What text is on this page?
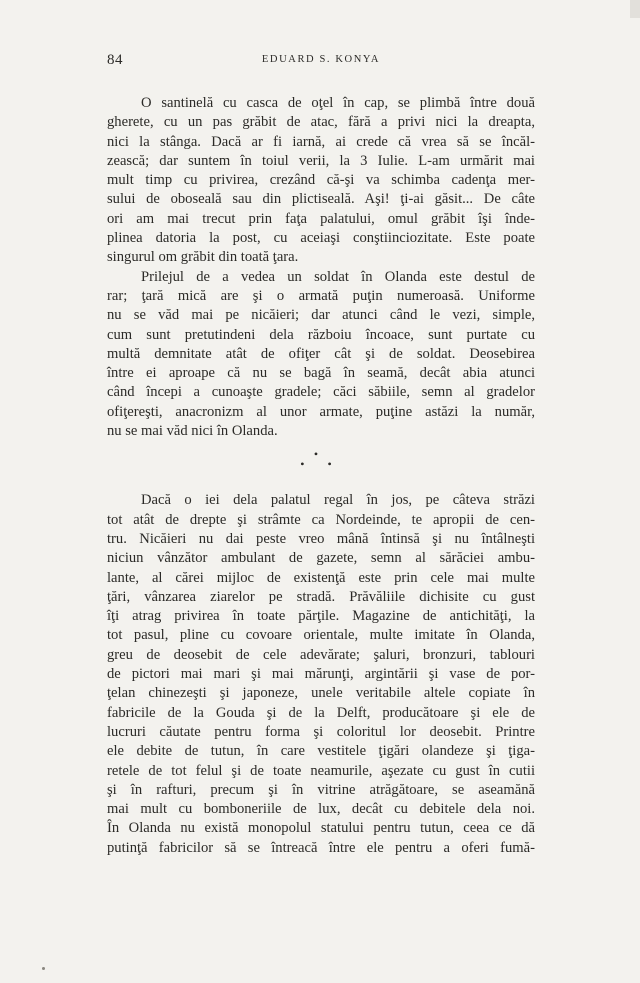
84	EDUARD S. KONYA

O santinelă cu casca de oţel în cap, se plimbă între două
gherete, cu un pas grăbit de atac, fără a privi nici la dreapta,
nici la stânga. Dacă ar fi iarnă, ai crede că vrea să se încăl-
zească; dar suntem în toiul verii, la 3 Iulie. L-am urmărit mai
mult timp cu privirea, crezând că-şi va schimba cadenţa mer-
sului de oboseală sau din plictiseală. Aşi! ţi-ai găsit... De câte
ori am mai trecut prin faţa palatului, omul grăbit îşi înde-
plinea datoria la post, cu aceiaşi conştiinciozitate. Este poate
singurul om grăbit din toată ţara.

Prilejul de a vedea un soldat în Olanda este destul de
rar; ţară mică are şi o armată puţin numeroasă. Uniforme
nu se văd mai pe nicăieri; dar atunci când le vezi, simple,
cum sunt pretutindeni dela războiu încoace, sunt purtate cu
multă demnitate atât de ofiţer cât şi de soldat. Deosebirea
între ei aproape că nu se bagă în seamă, decât abia atunci
când începi a cunoaşte gradele; căci săbiile, semn al gradelor
ofiţereşti, anacronizm al unor armate, puţine astăzi la număr,
nu se mai văd nici în Olanda.

•
• •

Dacă o iei dela palatul regal în jos, pe câteva străzi
tot atât de drepte şi strâmte ca Nordeinde, te apropii de cen-
tru. Nicăieri nu dai peste vreo mână întinsă şi nu întâlneşti
niciun vânzător ambulant de gazete, semn al sărăciei ambu-
lante, al cărei mijloc de existenţă este prin cele mai multe
ţări, vânzarea ziarelor pe stradă. Prăvăliile dichisite cu gust
îţi atrag privirea în toate părţile. Magazine de antichităţi, la
tot pasul, pline cu covoare orientale, multe imitate în Olanda,
greu de deosebit de cele adevărate; şaluri, bronzuri, tablouri
de pictori mai mari şi mai mărunţi, argintării şi vase de por-
ţelan chinezeşti şi japoneze, unele veritabile altele copiate în
fabricile de la Gouda şi de la Delft, producătoare şi ele de
lucruri căutate pentru forma şi coloritul lor deosebit. Printre
ele debite de tutun, în care vestitele ţigări olandeze şi ţiga-
retele de tot felul şi de toate neamurile, aşezate cu gust în cutii
şi în rafturi, precum şi în vitrine atrăgătoare, se aseamănă
mai mult cu bomboneriile de lux, decât cu debitele dela noi.
În Olanda nu există monopolul statului pentru tutun, ceea ce dă
putinţă fabricilor să se întreacă între ele pentru a oferi fumă-
